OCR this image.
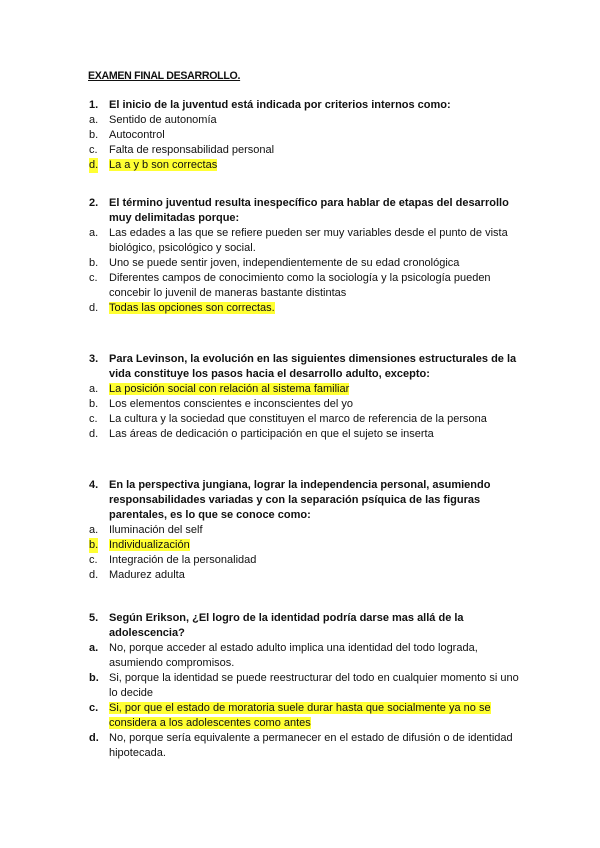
EXAMEN FINAL DESARROLLO.
1. El inicio de la juventud está indicada por criterios internos como:
a. Sentido de autonomía
b. Autocontrol
c. Falta de responsabilidad personal
d. La a y b son correctas
2. El término juventud resulta inespecífico para hablar de etapas del desarrollo muy delimitadas porque:
a. Las edades a las que se refiere pueden ser muy variables desde el punto de vista biológico, psicológico y social.
b. Uno se puede sentir joven, independientemente de su edad cronológica
c. Diferentes campos de conocimiento como la sociología y la psicología pueden concebir lo juvenil de maneras bastante distintas
d. Todas las opciones son correctas.
3. Para Levinson, la evolución en las siguientes dimensiones estructurales de la vida constituye los pasos hacia el desarrollo adulto, excepto:
a. La posición social con relación al sistema familiar
b. Los elementos conscientes e inconscientes del yo
c. La cultura y la sociedad que constituyen el marco de referencia de la persona
d. Las áreas de dedicación o participación en que el sujeto se inserta
4. En la perspectiva jungiana, lograr la independencia personal, asumiendo responsabilidades variadas y con la separación psíquica de las figuras parentales, es lo que se conoce como:
a. Iluminación del self
b. Individualización
c. Integración de la personalidad
d. Madurez adulta
5. Según Erikson, ¿El logro de la identidad podría darse mas allá de la adolescencia?
a. No, porque acceder al estado adulto implica una identidad del todo lograda, asumiendo compromisos.
b. Si, porque la identidad se puede reestructurar del todo en cualquier momento si uno lo decide
c. Si, por que el estado de moratoria suele durar hasta que socialmente ya no se considera a los adolescentes como antes
d. No, porque sería equivalente a permanecer en el estado de difusión o de identidad hipotecada.
